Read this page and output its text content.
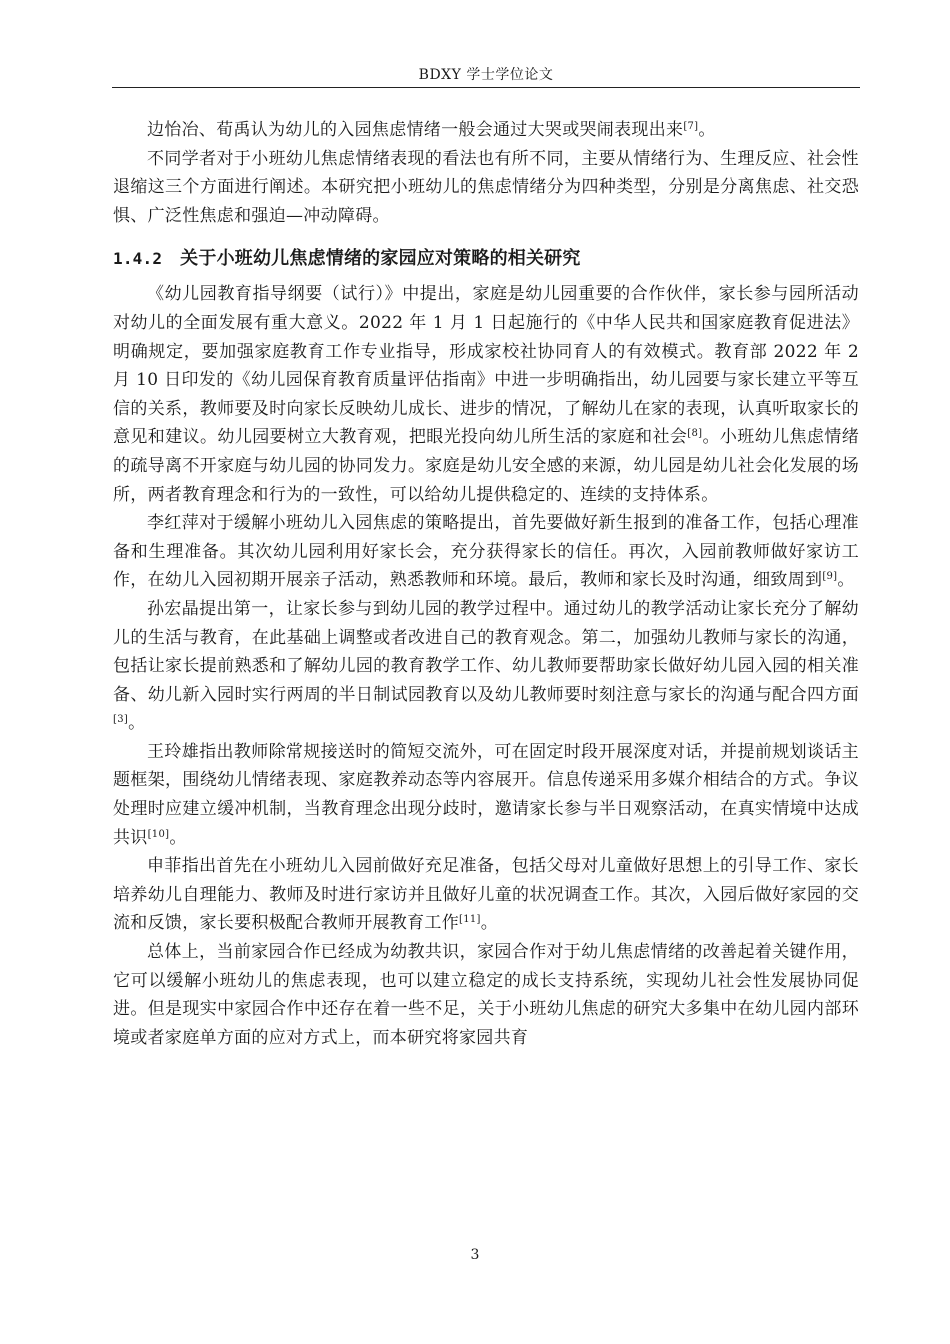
BDXY 学士学位论文

边怡冶、荀禹认为幼儿的入园焦虑情绪一般会通过大哭或哭闹表现出来[7]。

不同学者对于小班幼儿焦虑情绪表现的看法也有所不同，主要从情绪行为、生理反应、社会性退缩这三个方面进行阐述。本研究把小班幼儿的焦虑情绪分为四种类型，分别是分离焦虑、社交恐惧、广泛性焦虑和强迫—冲动障碍。

1.4.2 关于小班幼儿焦虑情绪的家园应对策略的相关研究

《幼儿园教育指导纲要（试行）》中提出，家庭是幼儿园重要的合作伙伴，家长参与园所活动对幼儿的全面发展有重大意义。2022 年 1 月 1 日起施行的《中华人民共和国家庭教育促进法》明确规定，要加强家庭教育工作专业指导，形成家校社协同育人的有效模式。教育部 2022 年 2 月 10 日印发的《幼儿园保育教育质量评估指南》中进一步明确指出，幼儿园要与家长建立平等互信的关系，教师要及时向家长反映幼儿成长、进步的情况，了解幼儿在家的表现，认真听取家长的意见和建议。幼儿园要树立大教育观，把眼光投向幼儿所生活的家庭和社会[8]。小班幼儿焦虑情绪的疏导离不开家庭与幼儿园的协同发力。家庭是幼儿安全感的来源，幼儿园是幼儿社会化发展的场所，两者教育理念和行为的一致性，可以给幼儿提供稳定的、连续的支持体系。

李红萍对于缓解小班幼儿入园焦虑的策略提出，首先要做好新生报到的准备工作，包括心理准备和生理准备。其次幼儿园利用好家长会，充分获得家长的信任。再次，入园前教师做好家访工作，在幼儿入园初期开展亲子活动，熟悉教师和环境。最后，教师和家长及时沟通，细致周到[9]。

孙宏晶提出第一，让家长参与到幼儿园的教学过程中。通过幼儿的教学活动让家长充分了解幼儿的生活与教育，在此基础上调整或者改进自己的教育观念。第二，加强幼儿教师与家长的沟通，包括让家长提前熟悉和了解幼儿园的教育教学工作、幼儿教师要帮助家长做好幼儿园入园的相关准备、幼儿新入园时实行两周的半日制试园教育以及幼儿教师要时刻注意与家长的沟通与配合四方面[3]。

王玲雄指出教师除常规接送时的简短交流外，可在固定时段开展深度对话，并提前规划谈话主题框架，围绕幼儿情绪表现、家庭教养动态等内容展开。信息传递采用多媒介相结合的方式。争议处理时应建立缓冲机制，当教育理念出现分歧时，邀请家长参与半日观察活动，在真实情境中达成共识[10]。

申菲指出首先在小班幼儿入园前做好充足准备，包括父母对儿童做好思想上的引导工作、家长培养幼儿自理能力、教师及时进行家访并且做好儿童的状况调查工作。其次，入园后做好家园的交流和反馈，家长要积极配合教师开展教育工作[11]。

总体上，当前家园合作已经成为幼教共识，家园合作对于幼儿焦虑情绪的改善起着关键作用，它可以缓解小班幼儿的焦虑表现，也可以建立稳定的成长支持系统，实现幼儿社会性发展协同促进。但是现实中家园合作中还存在着一些不足，关于小班幼儿焦虑的研究大多集中在幼儿园内部环境或者家庭单方面的应对方式上，而本研究将家园共育

3
